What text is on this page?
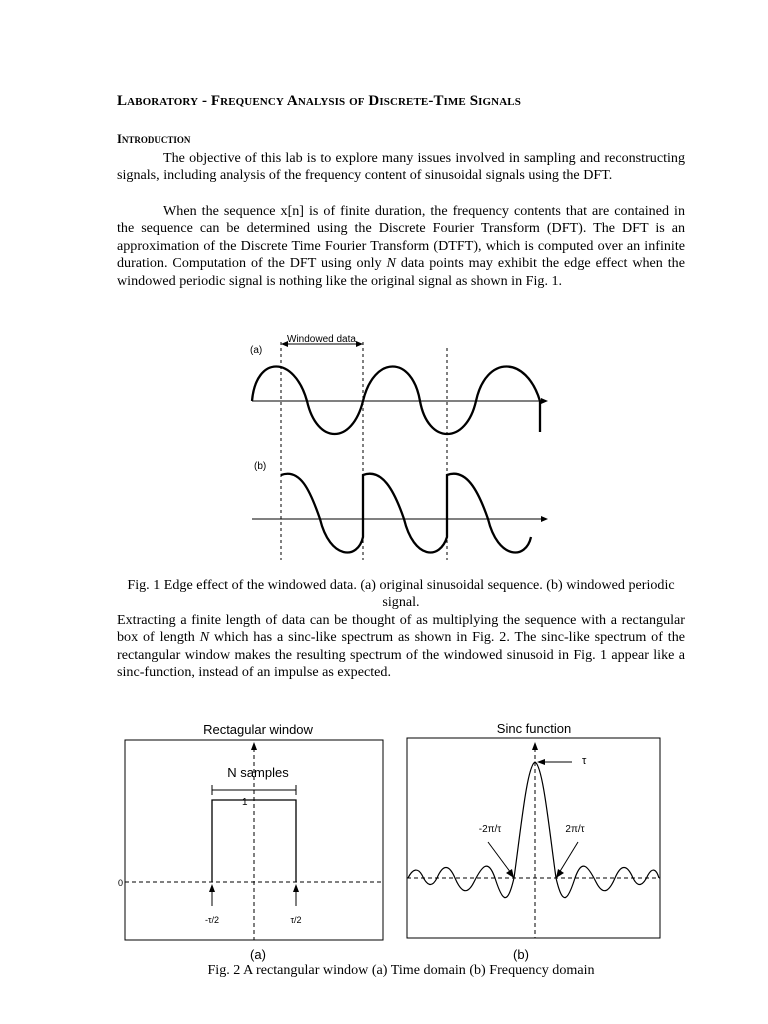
Laboratory - Frequency Analysis of Discrete-Time Signals
Introduction
The objective of this lab is to explore many issues involved in sampling and reconstructing signals, including analysis of the frequency content of sinusoidal signals using the DFT.
When the sequence x[n] is of finite duration, the frequency contents that are contained in the sequence can be determined using the Discrete Fourier Transform (DFT). The DFT is an approximation of the Discrete Time Fourier Transform (DTFT), which is computed over an infinite duration. Computation of the DFT using only N data points may exhibit the edge effect when the windowed periodic signal is nothing like the original signal as shown in Fig. 1.
Windowed data
(a)
(b)
Fig. 1 Edge effect of the windowed data. (a) original sinusoidal sequence. (b) windowed periodic signal.
Extracting a finite length of data can be thought of as multiplying the sequence with a rectangular box of length N which has a sinc-like spectrum as shown in Fig. 2. The sinc-like spectrum of the rectangular window makes the resulting spectrum of the windowed sinusoid in Fig. 1 appear like a sinc-function, instead of an impulse as expected.
Rectagular window
0
1
N samples
-τ/2	τ/2
(a)
Sinc function
τ
-2π/τ	2π/τ
(b)
Fig. 2 A rectangular window (a) Time domain (b) Frequency domain
